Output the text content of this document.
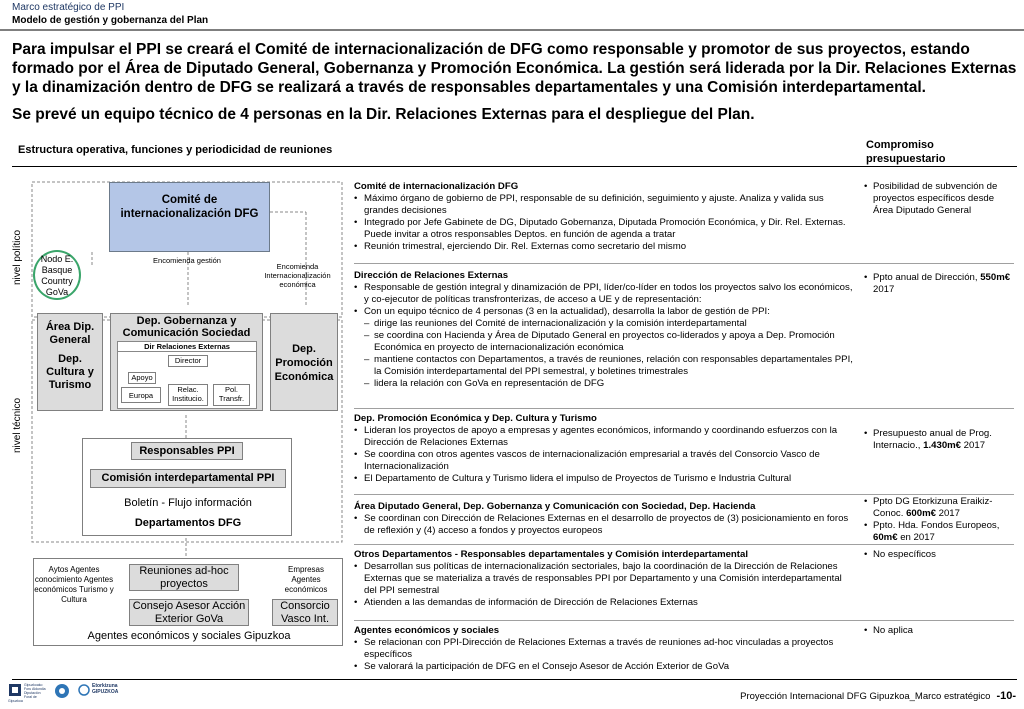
Marco estratégico de PPI
Modelo de gestión y gobernanza del Plan
Para impulsar el PPI se creará el Comité de internacionalización de DFG como responsable y promotor de sus proyectos, estando formado por el Área de Diputado General, Gobernanza y Promoción Económica. La gestión será liderada por la Dir. Relaciones Externas y la dinamización dentro de DFG se realizará a través de responsables departamentales y una Comisión interdepartamental.
Se prevé un equipo técnico de 4 personas en la Dir. Relaciones Externas para el despliegue del Plan.
Estructura operativa, funciones y periodicidad de reuniones	Compromiso presupuestario
nivel político
nivel técnico
Comité de internacionalización DFG
Encomienda gestión
Encomienda Internacionalización económica
Nodo E. Basque Country GoVa
Área Dip. General
Dep. Cultura y Turismo
Dep. Gobernanza y Comunicación Sociedad
Dir Relaciones Externas
Director
Apoyo
Europa
Relac. Institucio.
Pol. Transfr.
Dep. Promoción Económica
Responsables PPI
Comisión interdepartamental PPI
Boletín - Flujo información
Departamentos DFG
Aytos Agentes conocimiento Agentes económicos Turismo y Cultura
Reuniones ad-hoc proyectos
Empresas Agentes económicos
Consejo Asesor Acción Exterior GoVa
Consorcio Vasco Int.
Agentes económicos y sociales Gipuzkoa
Comité de internacionalización DFG
• Máximo órgano de gobierno de PPI, responsable de su definición, seguimiento y ajuste. Analiza y valida sus grandes decisiones
• Integrado por Jefe Gabinete de DG, Diputado Gobernanza, Diputada Promoción Económica, y Dir. Rel. Externas. Puede invitar a otros responsables Deptos. en función de agenda a tratar
• Reunión trimestral, ejerciendo Dir. Rel. Externas como secretario del mismo
Dirección de Relaciones Externas
• Responsable de gestión integral y dinamización de PPI, líder/co-líder en todos los proyectos salvo los económicos, y co-ejecutor de políticas transfronterizas, de acceso a UE y de representación:
• Con un equipo técnico de 4 personas (3 en la actualidad), desarrolla la labor de gestión de PPI:
– dirige las reuniones del Comité de internacionalización y la comisión interdepartamental
– se coordina con Hacienda y Área de Diputado General en proyectos co-liderados y apoya a Dep. Promoción Económica en proyecto de internacionalización económica
– mantiene contactos con Departamentos, a través de reuniones, relación con responsables departamentales PPI, la Comisión interdepartamental del PPI semestral, y boletines trimestrales
– lidera la relación con GoVa en representación de DFG
Dep. Promoción Económica y Dep. Cultura y Turismo
• Lideran los proyectos de apoyo a empresas y agentes económicos, informando y coordinando esfuerzos con la Dirección de Relaciones Externas
• Se coordina con otros agentes vascos de internacionalización empresarial a través del Consorcio Vasco de Internacionalización
• El Departamento de Cultura y Turismo lidera el impulso de Proyectos de Turismo e Industria Cultural
Área Diputado General, Dep. Gobernanza y Comunicación con Sociedad, Dep. Hacienda
• Se coordinan con Dirección de Relaciones Externas en el desarrollo de proyectos de (3) posicionamiento en foros de reflexión y (4) acceso a fondos y proyectos europeos
Otros Departamentos - Responsables departamentales y Comisión interdepartamental
• Desarrollan sus políticas de internacionalización sectoriales, bajo la coordinación de la Dirección de Relaciones Externas que se materializa a través de responsables PPI por Departamento y una Comisión interdepartamental del PPI semestral
• Atienden a las demandas de información de Dirección de Relaciones Externas
Agentes económicos y sociales
• Se relacionan con PPI-Dirección de Relaciones Externas a través de reuniones ad-hoc vinculadas a proyectos específicos
• Se valorará la participación de DFG en el Consejo Asesor de Acción Exterior de GoVa
• Posibilidad de subvención de proyectos específicos desde Área Diputado General
• Ppto anual de Dirección, 550m€ 2017
• Presupuesto anual de Prog. Internacio., 1.430m€ 2017
• Ppto DG Etorkizuna Eraikiz- Conoc. 600m€ 2017
• Ppto. Hda. Fondos Europeos, 60m€ en 2017
• No específicos
• No aplica
Gipuzkoako Foru Aldundia Diputación Foral de Gipuzkoa
Etorkizuna GIPUZKOA	Proyección Internacional DFG Gipuzkoa_Marco estratégico -10-
